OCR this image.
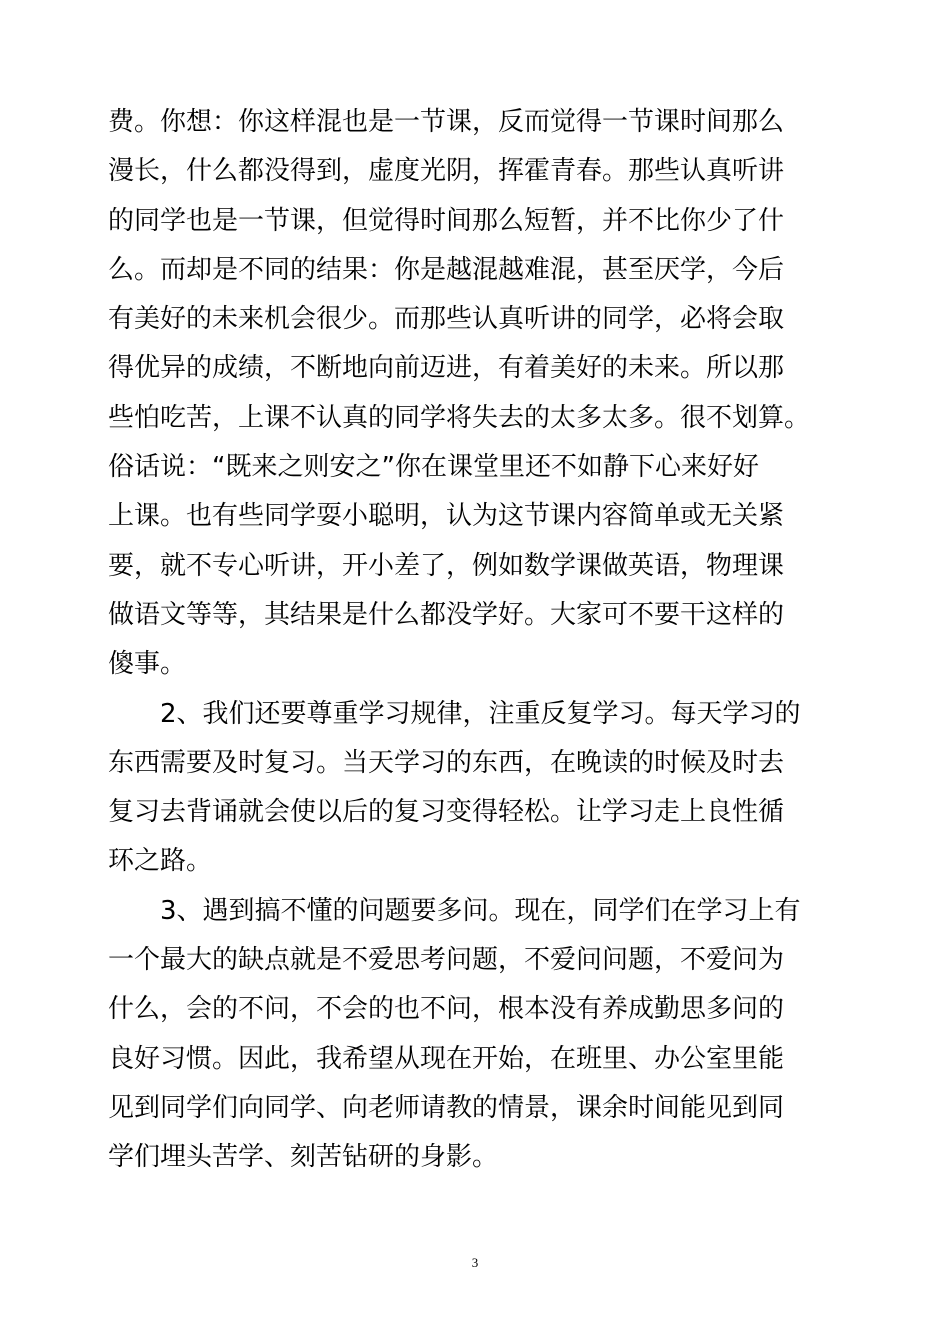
费。你想：你这样混也是一节课，反而觉得一节课时间那么
漫长，什么都没得到，虚度光阴，挥霍青春。那些认真听讲
的同学也是一节课，但觉得时间那么短暂，并不比你少了什
么。而却是不同的结果：你是越混越难混，甚至厌学，今后
有美好的未来机会很少。而那些认真听讲的同学，必将会取
得优异的成绩，不断地向前迈进，有着美好的未来。所以那
些怕吃苦，上课不认真的同学将失去的太多太多。很不划算。
俗话说：“既来之则安之”你在课堂里还不如静下心来好好
上课。也有些同学耍小聪明，认为这节课内容简单或无关紧
要，就不专心听讲，开小差了，例如数学课做英语，物理课
做语文等等，其结果是什么都没学好。大家可不要干这样的
傻事。
　　2、我们还要尊重学习规律，注重反复学习。每天学习的
东西需要及时复习。当天学习的东西，在晚读的时候及时去
复习去背诵就会使以后的复习变得轻松。让学习走上良性循
环之路。
　　3、遇到搞不懂的问题要多问。现在，同学们在学习上有
一个最大的缺点就是不爱思考问题，不爱问问题，不爱问为
什么，会的不问，不会的也不问，根本没有养成勤思多问的
良好习惯。因此，我希望从现在开始，在班里、办公室里能
见到同学们向同学、向老师请教的情景，课余时间能见到同
学们埋头苦学、刻苦钻研的身影。
3
